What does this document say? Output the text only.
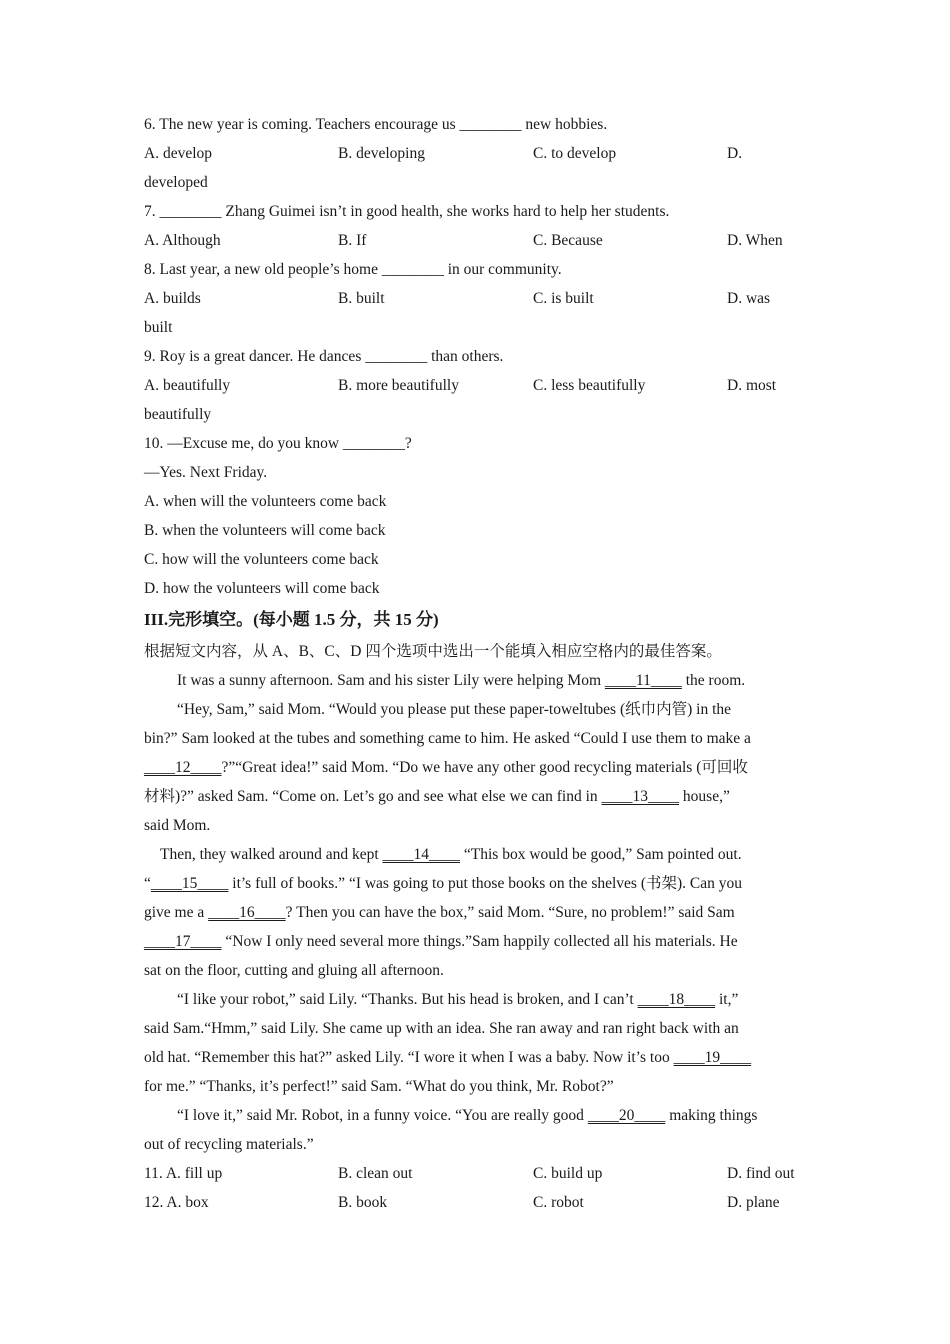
6. The new year is coming. Teachers encourage us ________ new hobbies.
A. develop	B. developing	C. to develop	D.
developed
7. ________ Zhang Guimei isn’t in good health, she works hard to help her students.
A. Although	B. If	C. Because	D. When
8. Last year, a new old people’s home ________ in our community.
A. builds	B. built	C. is built	D. was
built
9. Roy is a great dancer. He dances ________ than others.
A. beautifully	B. more beautifully	C. less beautifully	D. most
beautifully
10. —Excuse me, do you know ________?
—Yes. Next Friday.
A. when will the volunteers come back
B. when the volunteers will come back
C. how will the volunteers come back
D. how the volunteers will come back
III.完形填空。(每小题 1.5 分，共 15 分)
根据短文内容，从 A、B、C、D 四个选项中选出一个能填入相应空格内的最佳答案。
It was a sunny afternoon. Sam and his sister Lily were helping Mom ____11____ the room.
“Hey, Sam,” said Mom. “Would you please put these paper-toweltubes (纸巾内管) in the
bin?” Sam looked at the tubes and something came to him. He asked “Could I use them to make a
____12____?”“Great idea!” said Mom. “Do we have any other good recycling materials (可回收
材料)?” asked Sam. “Come on. Let’s go and see what else we can find in ____13____ house,”
said Mom.
Then, they walked around and kept ____14____ “This box would be good,” Sam pointed out.
“____15____ it’s full of books.” “I was going to put those books on the shelves (书架). Can you
give me a ____16____? Then you can have the box,” said Mom. “Sure, no problem!” said Sam
____17____ “Now I only need several more things.”Sam happily collected all his materials. He
sat on the floor, cutting and gluing all afternoon.
“I like your robot,” said Lily. “Thanks. But his head is broken, and I can’t ____18____ it,”
said Sam.“Hmm,” said Lily. She came up with an idea. She ran away and ran right back with an
old hat. “Remember this hat?” asked Lily. “I wore it when I was a baby. Now it’s too ____19____
for me.” “Thanks, it’s perfect!” said Sam. “What do you think, Mr. Robot?”
“I love it,” said Mr. Robot, in a funny voice. “You are really good ____20____ making things
out of recycling materials.”
11. A. fill up	B. clean out	C. build up	D. find out
12. A. box	B. book	C. robot	D. plane
